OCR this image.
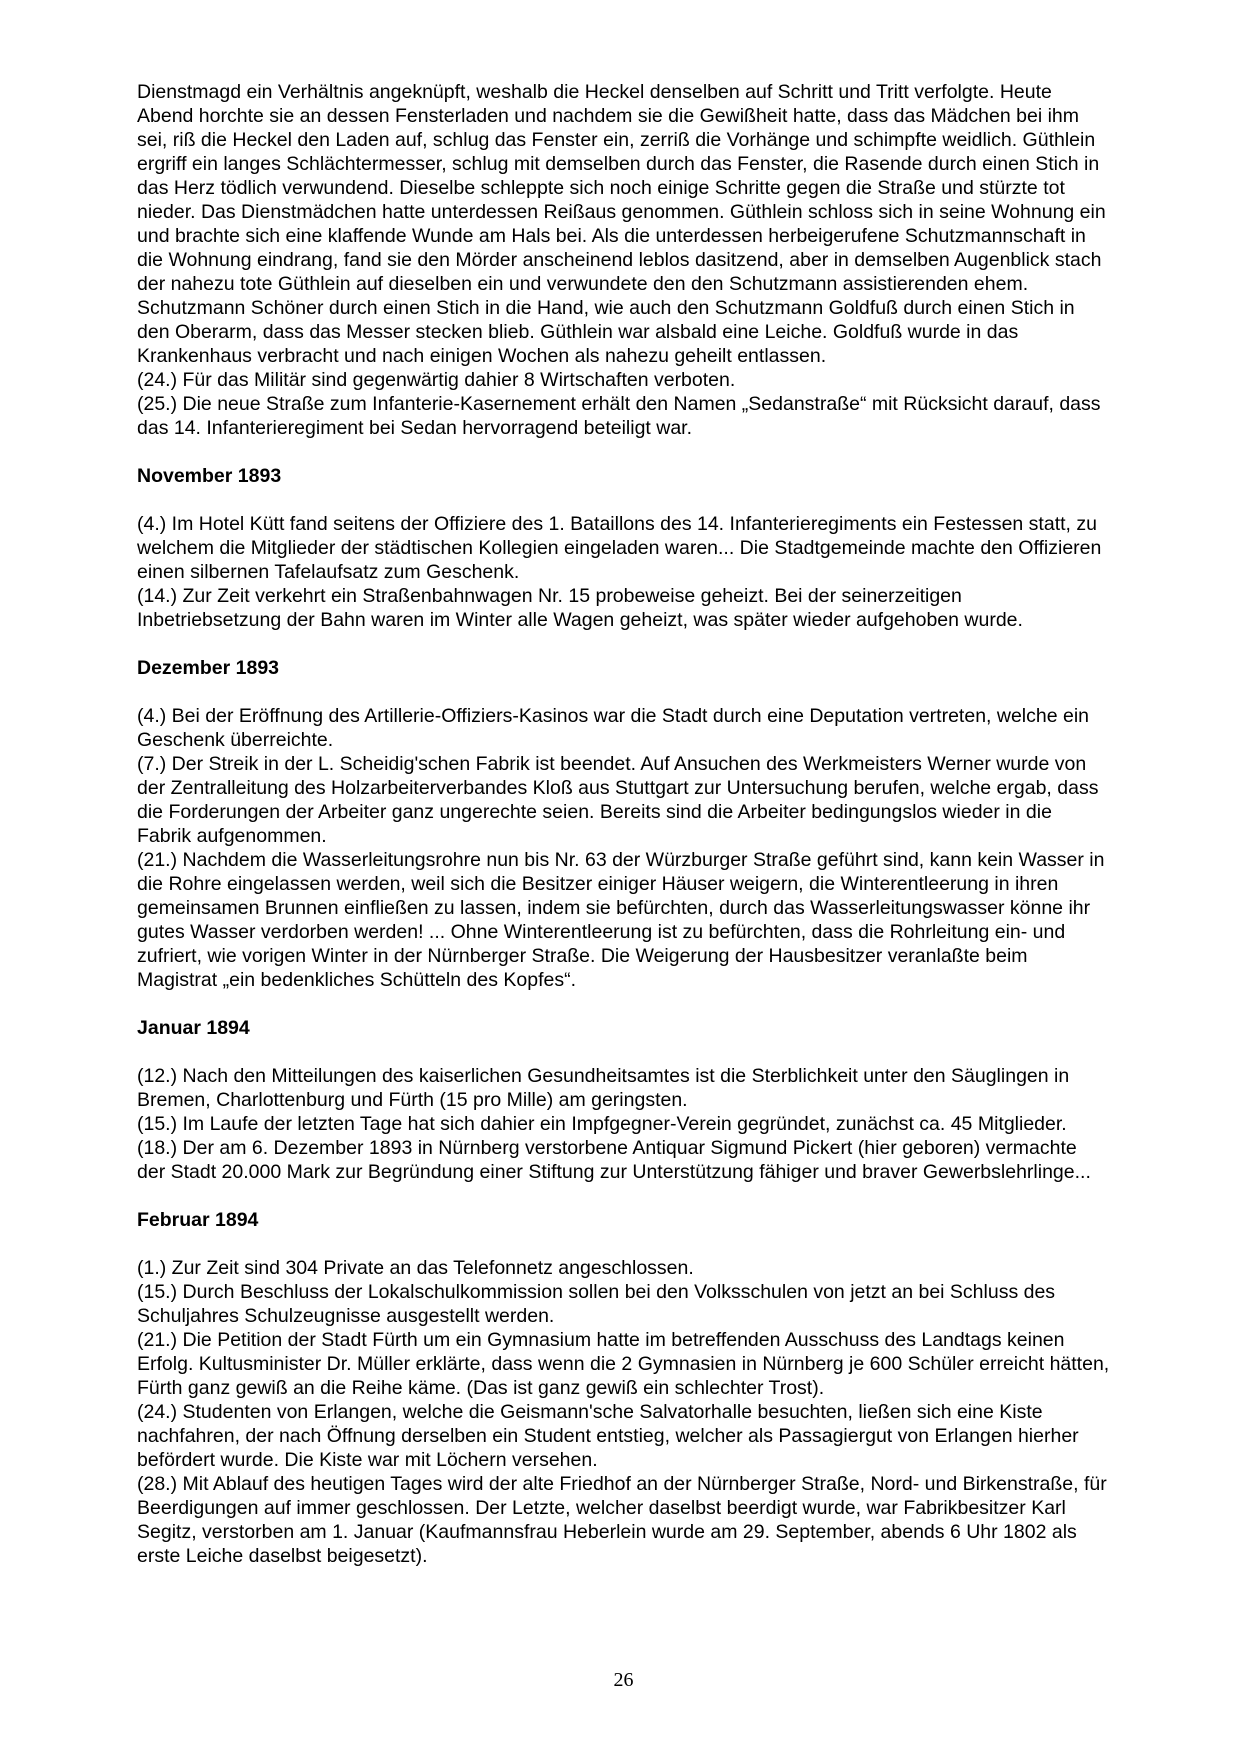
Dienstmagd ein Verhältnis angeknüpft, weshalb die Heckel denselben auf Schritt und Tritt verfolgte. Heute Abend horchte sie an dessen Fensterladen und nachdem sie die Gewißheit hatte, dass das Mädchen bei ihm sei, riß die Heckel den Laden auf, schlug das Fenster ein, zerriß die Vorhänge und schimpfte weidlich. Güthlein ergriff ein langes Schlächtermesser, schlug mit demselben durch das Fenster, die Rasende durch einen Stich in das Herz tödlich verwundend. Dieselbe schleppte sich noch einige Schritte gegen die Straße und stürzte tot nieder. Das Dienstmädchen hatte unterdessen Reißaus genommen. Güthlein schloss sich in seine Wohnung ein und brachte sich eine klaffende Wunde am Hals bei. Als die unterdessen herbeigerufene Schutzmannschaft in die Wohnung eindrang, fand sie den Mörder anscheinend leblos dasitzend, aber in demselben Augenblick stach der nahezu tote Güthlein auf dieselben ein und verwundete den den Schutzmann assistierenden ehem. Schutzmann Schöner durch einen Stich in die Hand, wie auch den Schutzmann Goldfuß durch einen Stich in den Oberarm, dass das Messer stecken blieb. Güthlein war alsbald eine Leiche. Goldfuß wurde in das Krankenhaus verbracht und nach einigen Wochen als nahezu geheilt entlassen.

(24.) Für das Militär sind gegenwärtig dahier 8 Wirtschaften verboten.

(25.) Die neue Straße zum Infanterie-Kasernement erhält den Namen „Sedanstraße“ mit Rücksicht darauf, dass das 14. Infanterieregiment bei Sedan hervorragend beteiligt war.

November 1893

(4.) Im Hotel Kütt fand seitens der Offiziere des 1. Bataillons des 14. Infanterieregiments ein Festessen statt, zu welchem die Mitglieder der städtischen Kollegien eingeladen waren... Die Stadtgemeinde machte den Offizieren einen silbernen Tafelaufsatz zum Geschenk.

(14.) Zur Zeit verkehrt ein Straßenbahnwagen Nr. 15 probeweise geheizt. Bei der seinerzeitigen Inbetriebsetzung der Bahn waren im Winter alle Wagen geheizt, was später wieder aufgehoben wurde.

Dezember 1893

(4.) Bei der Eröffnung des Artillerie-Offiziers-Kasinos war die Stadt durch eine Deputation vertreten, welche ein Geschenk überreichte.

(7.) Der Streik in der L. Scheidig'schen Fabrik ist beendet. Auf Ansuchen des Werkmeisters Werner wurde von der Zentralleitung des Holzarbeiterverbandes Kloß aus Stuttgart zur Untersuchung berufen, welche ergab, dass die Forderungen der Arbeiter ganz ungerechte seien. Bereits sind die Arbeiter bedingungslos wieder in die Fabrik aufgenommen.

(21.) Nachdem die Wasserleitungsrohre nun bis Nr. 63 der Würzburger Straße geführt sind, kann kein Wasser in die Rohre eingelassen werden, weil sich die Besitzer einiger Häuser weigern, die Winterentleerung in ihren gemeinsamen Brunnen einfließen zu lassen, indem sie befürchten, durch das Wasserleitungswasser könne ihr gutes Wasser verdorben werden! ... Ohne Winterentleerung ist zu befürchten, dass die Rohrleitung ein- und zufriert, wie vorigen Winter in der Nürnberger Straße. Die Weigerung der Hausbesitzer veranlaßte beim Magistrat „ein bedenkliches Schütteln des Kopfes“.

Januar 1894

(12.) Nach den Mitteilungen des kaiserlichen Gesundheitsamtes ist die Sterblichkeit unter den Säuglingen in Bremen, Charlottenburg und Fürth (15 pro Mille) am geringsten.

(15.) Im Laufe der letzten Tage hat sich dahier ein Impfgegner-Verein gegründet, zunächst ca. 45 Mitglieder.

(18.) Der am 6. Dezember 1893 in Nürnberg verstorbene Antiquar Sigmund Pickert (hier geboren) vermachte der Stadt 20.000 Mark zur Begründung einer Stiftung zur Unterstützung fähiger und braver Gewerbslehrlinge...

Februar 1894

(1.) Zur Zeit sind 304 Private an das Telefonnetz angeschlossen.

(15.) Durch Beschluss der Lokalschulkommission sollen bei den Volksschulen von jetzt an bei Schluss des Schuljahres Schulzeugnisse ausgestellt werden.

(21.) Die Petition der Stadt Fürth um ein Gymnasium hatte im betreffenden Ausschuss des Landtags keinen Erfolg. Kultusminister Dr. Müller erklärte, dass wenn die 2 Gymnasien in Nürnberg je 600 Schüler erreicht hätten, Fürth ganz gewiß an die Reihe käme. (Das ist ganz gewiß ein schlechter Trost).

(24.) Studenten von Erlangen, welche die Geismann'sche Salvatorhalle besuchten, ließen sich eine Kiste nachfahren, der nach Öffnung derselben ein Student entstieg, welcher als Passagiergut von Erlangen hierher befördert wurde. Die Kiste war mit Löchern versehen.

(28.) Mit Ablauf des heutigen Tages wird der alte Friedhof an der Nürnberger Straße, Nord- und Birkenstraße, für Beerdigungen auf immer geschlossen. Der Letzte, welcher daselbst beerdigt wurde, war Fabrikbesitzer Karl Segitz, verstorben am 1. Januar (Kaufmannsfrau Heberlein wurde am 29. September, abends 6 Uhr 1802 als erste Leiche daselbst beigesetzt).

26
